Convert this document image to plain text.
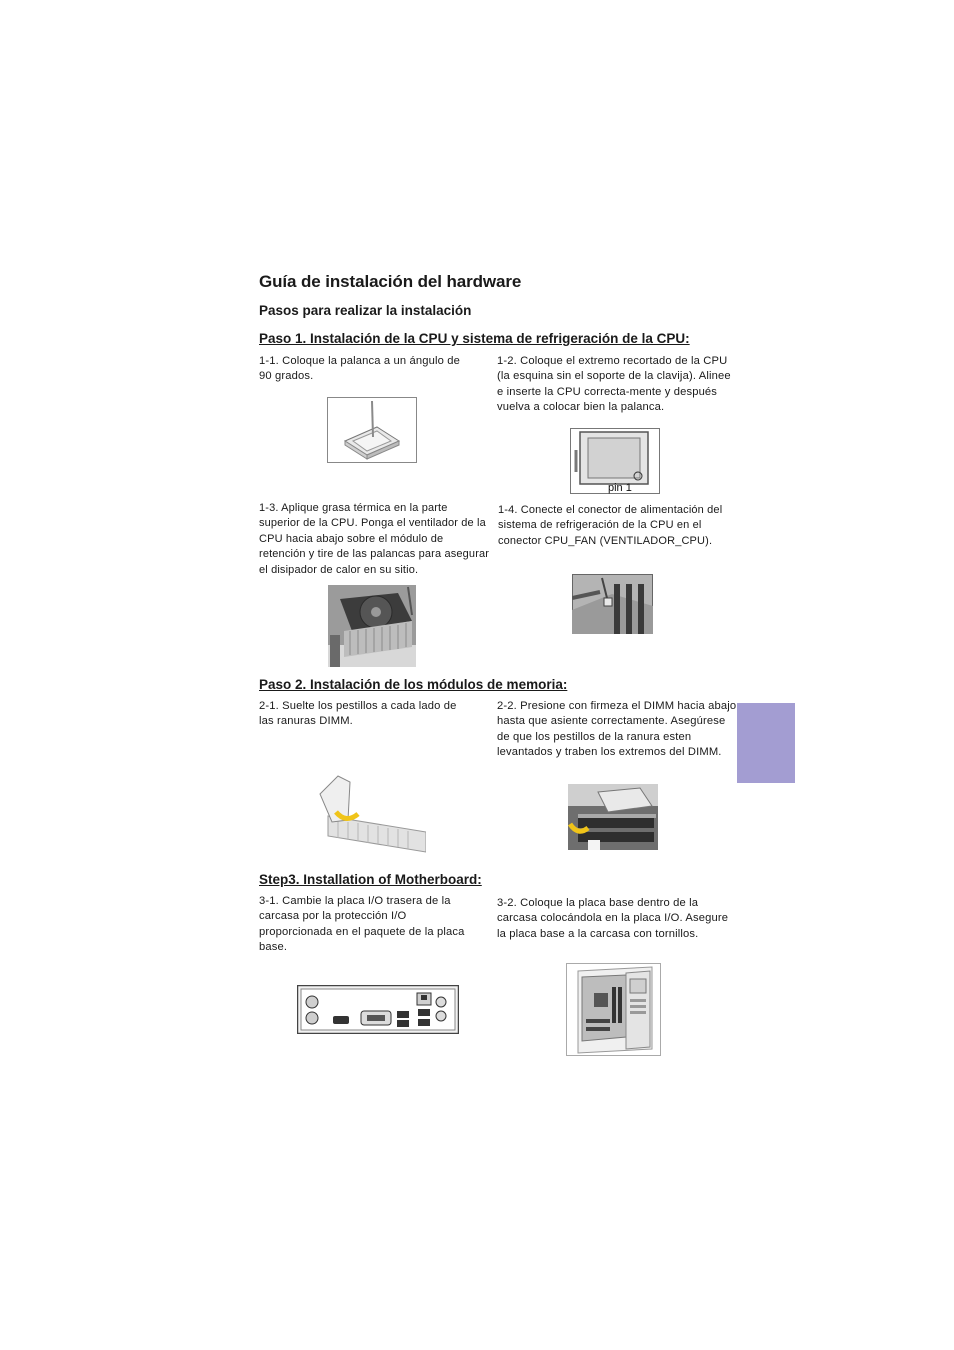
Guía de instalación del hardware
Pasos para realizar la instalación
Paso 1. Instalación de la CPU y sistema de refrigeración de la CPU:
1-1. Coloque la palanca a un ángulo de 90 grados.
1-2. Coloque el extremo recortado de la CPU (la esquina sin el soporte de la clavija). Alinee e inserte la CPU correcta-mente y después vuelva a colocar bien la palanca.
1-3. Aplique grasa térmica en la parte superior de la CPU. Ponga el ventilador de la CPU hacia abajo sobre el módulo de retención y tire de las palancas para asegurar el disipador de calor en su sitio.
1-4. Conecte el conector de alimentación del sistema de refrigeración de la CPU en el conector CPU_FAN (VENTILADOR_CPU).
pin 1
Paso 2. Instalación de los módulos de memoria:
2-1. Suelte los pestillos a cada lado de las ranuras DIMM.
2-2. Presione con firmeza el DIMM hacia abajo hasta que asiente correctamente. Asegúrese de que los pestillos de la ranura esten levantados y traben los extremos del DIMM.
Step3. Installation of Motherboard:
3-1. Cambie la placa I/O trasera de la carcasa por la protección I/O proporcionada en el paquete de la placa base.
3-2. Coloque la placa base dentro de la carcasa colocándola en la placa I/O. Asegure la placa base a la carcasa con tornillos.
